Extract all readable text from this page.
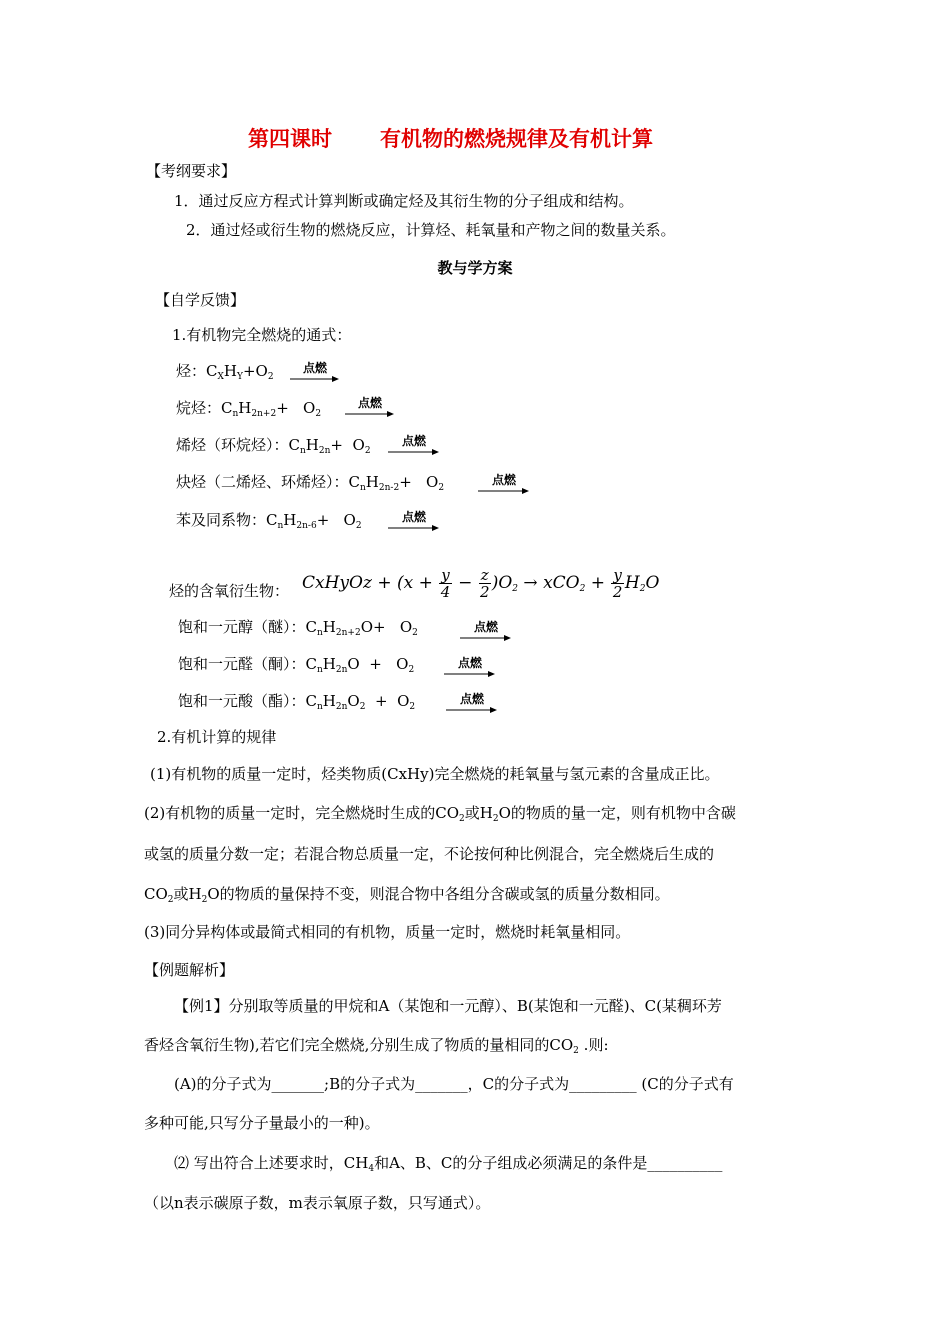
第四课时 有机物的燃烧规律及有机计算
【考纲要求】
1．通过反应方程式计算判断或确定烃及其衍生物的分子组成和结构。
2．通过烃或衍生物的燃烧反应，计算烃、耗氧量和产物之间的数量关系。
教与学方案
【自学反馈】
1.有机物完全燃烧的通式：
烃：$C_XH_Y+O_2$
点燃
烷烃：$C_nH_{2n+2}+ O_2$
点燃
烯烃（环烷烃）：$C_nH_{2n}+ O_2$
点燃
炔烃（二烯烃、环烯烃）：$C_nH_{2n-2}+ O_2$
点燃
苯及同系物：$C_nH_{2n-6}+ O_2$
点燃
烃的含氧衍生物： CxHyOz + $(x + \frac{y}{4} - \frac{z}{2} )O_2 \to xCO_2 + \frac{y}{2} H_2O$
饱和一元醇（醚）：$C_nH_{2n+2}O+ O_2$	点燃
饱和一元醛（酮）：$C_nH_{2n}O + O_2$	点燃
饱和一元酸（酯）：$C_nH_{2n}O_2 + O_2$
点燃
2.有机计算的规律
(1)有机物的质量一定时，烃类物质(CxHy)完全燃烧的耗氧量与氢元素的含量成正比。
(2)有机物的质量一定时，完全燃烧时生成的$CO_2$或$H_2O$的物质的量一定，则有机物中含碳
或氢的质量分数一定；若混合物总质量一定，不论按何种比例混合，完全燃烧后生成的
$CO_2$或$H_2O$的物质的量保持不变，则混合物中各组分含碳或氢的质量分数相同。
(3)同分异构体或最简式相同的有机物，质量一定时，燃烧时耗氧量相同。
【例题解析】
【例1】分别取等质量的甲烷和A（某饱和一元醇）、B(某饱和一元醛)、C(某稠环芳
香烃含氧衍生物),若它们完全燃烧,分别生成了物质的量相同的$CO_2$ .则:
(A)的分子式为_______;B的分子式为_______，C的分子式为_________ (C的分子式有
多种可能,只写分子量最小的一种)。
⑵ 写出符合上述要求时，$CH_4$和A、B、C的分子组成必须满足的条件是__________
（以n表示碳原子数，m表示氧原子数，只写通式）。
